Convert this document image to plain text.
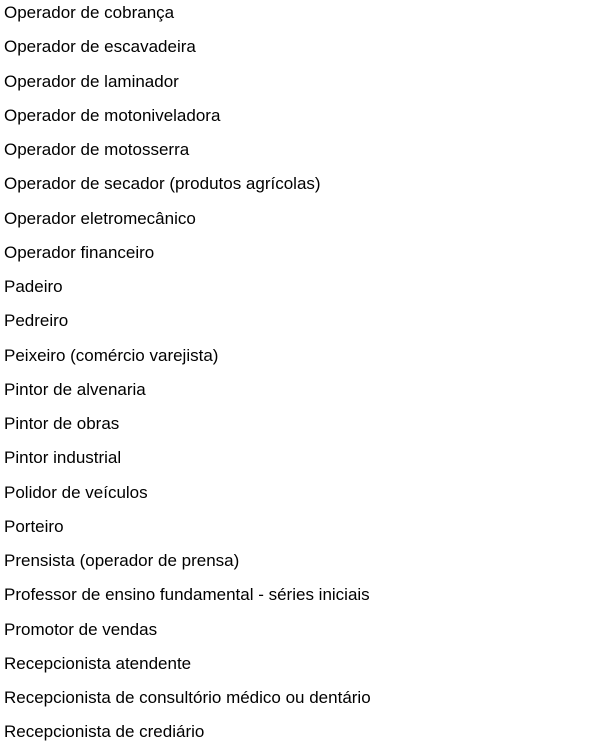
Operador de cobrança
Operador de escavadeira
Operador de laminador
Operador de motoniveladora
Operador de motosserra
Operador de secador (produtos agrícolas)
Operador eletromecânico
Operador financeiro
Padeiro
Pedreiro
Peixeiro (comércio varejista)
Pintor de alvenaria
Pintor de obras
Pintor industrial
Polidor de veículos
Porteiro
Prensista (operador de prensa)
Professor de ensino fundamental - séries iniciais
Promotor de vendas
Recepcionista atendente
Recepcionista de consultório médico ou dentário
Recepcionista de crediário
